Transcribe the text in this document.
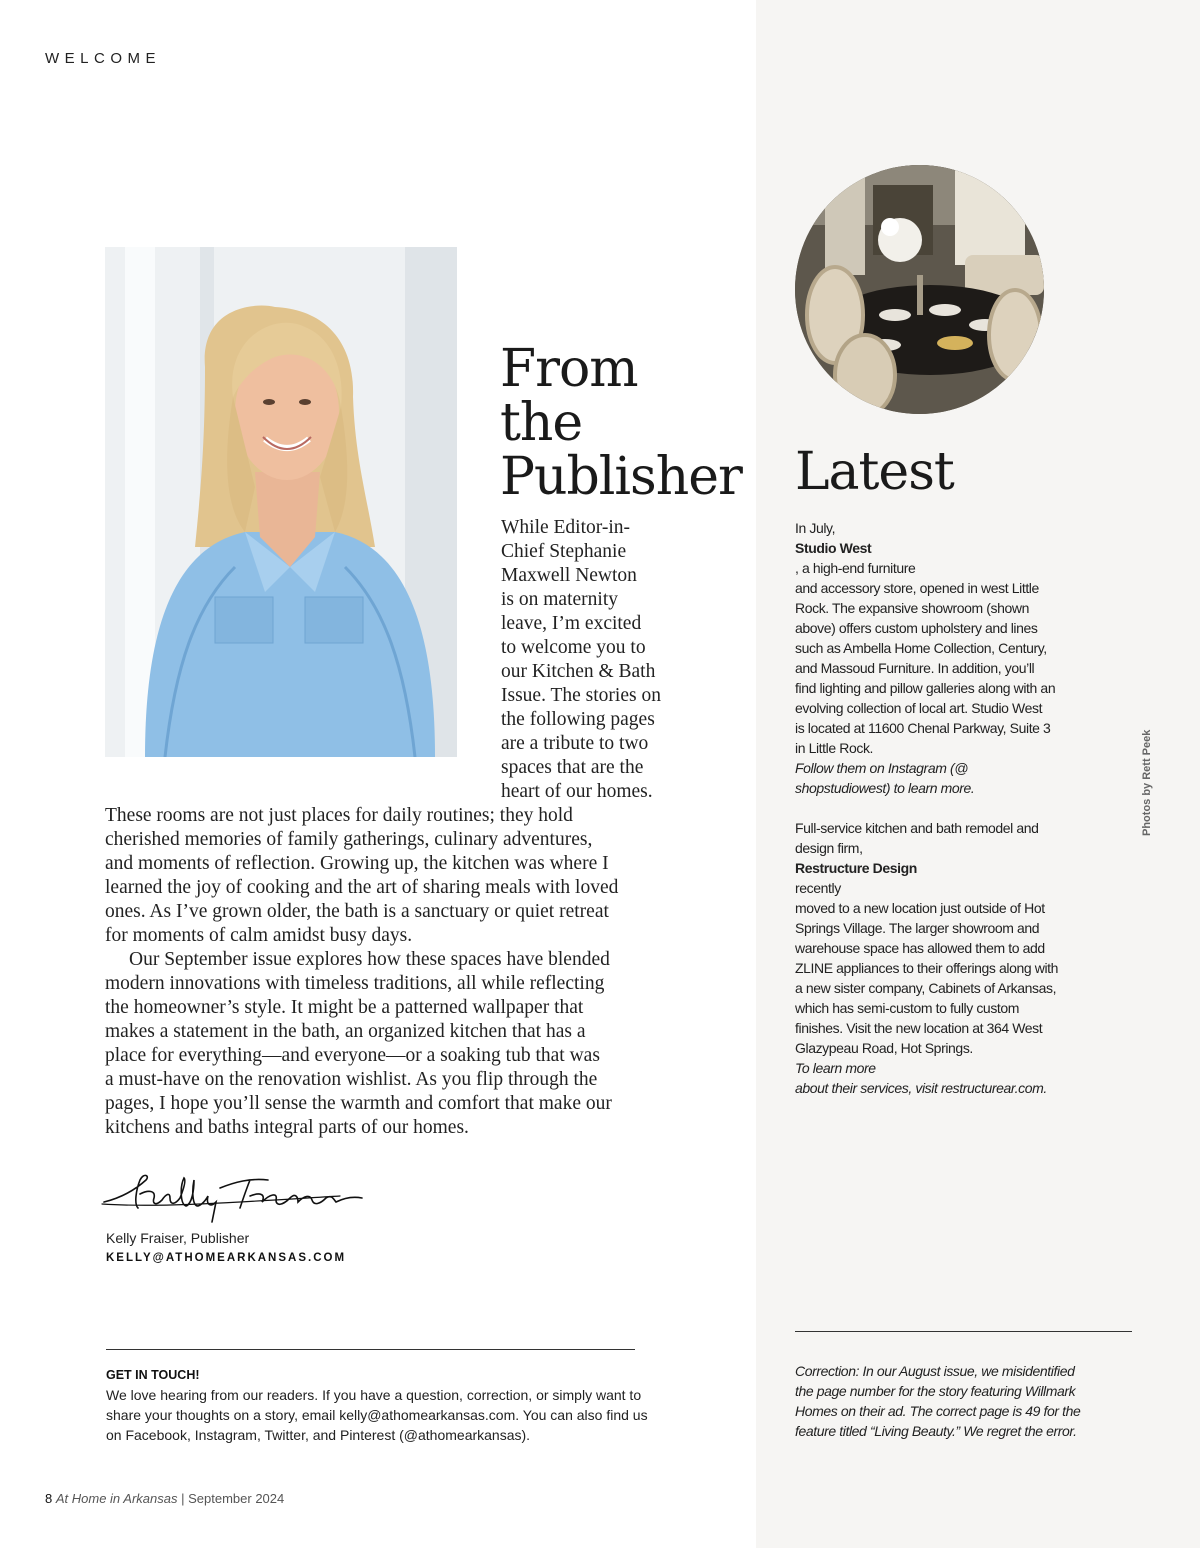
WELCOME
From
the
Publisher
While Editor-in-
Chief Stephanie
Maxwell Newton
is on maternity
leave, I’m excited
to welcome you to
our Kitchen & Bath
Issue. The stories on
the following pages
are a tribute to two
spaces that are the
heart of our homes.
These rooms are not just places for daily routines; they hold
cherished memories of family gatherings, culinary adventures,
and moments of reflection. Growing up, the kitchen was where I
learned the joy of cooking and the art of sharing meals with loved
ones. As I’ve grown older, the bath is a sanctuary or quiet retreat
for moments of calm amidst busy days.
Our September issue explores how these spaces have blended
modern innovations with timeless traditions, all while reflecting
the homeowner’s style. It might be a patterned wallpaper that
makes a statement in the bath, an organized kitchen that has a
place for everything—and everyone—or a soaking tub that was
a must-have on the renovation wishlist. As you flip through the
pages, I hope you’ll sense the warmth and comfort that make our
kitchens and baths integral parts of our homes.
Kelly Fraiser, Publisher
KELLY@ATHOMEARKANSAS.COM
GET IN TOUCH!
We love hearing from our readers. If you have a question, correction, or simply want to
share your thoughts on a story, email kelly@athomearkansas.com. You can also find us
on Facebook, Instagram, Twitter, and Pinterest (@athomearkansas).
8 At Home in Arkansas | September 2024
Latest
In July,
Studio West
, a high-end furniture
and accessory store, opened in west Little
Rock. The expansive showroom (shown
above) offers custom upholstery and lines
such as Ambella Home Collection, Century,
and Massoud Furniture. In addition, you’ll
find lighting and pillow galleries along with an
evolving collection of local art. Studio West
is located at 11600 Chenal Parkway, Suite 3
in Little Rock.
Follow them on Instagram (@
shopstudiowest) to learn more.
Full-service kitchen and bath remodel and
design firm,
Restructure Design
recently
moved to a new location just outside of Hot
Springs Village. The larger showroom and
warehouse space has allowed them to add
ZLINE appliances to their offerings along with
a new sister company, Cabinets of Arkansas,
which has semi-custom to fully custom
finishes. Visit the new location at 364 West
Glazypeau Road, Hot Springs.
To learn more
about their services, visit restructurear.com.
Photos by Rett Peek
Correction: In our August issue, we misidentified
the page number for the story featuring Willmark
Homes on their ad. The correct page is 49 for the
feature titled “Living Beauty.” We regret the error.
